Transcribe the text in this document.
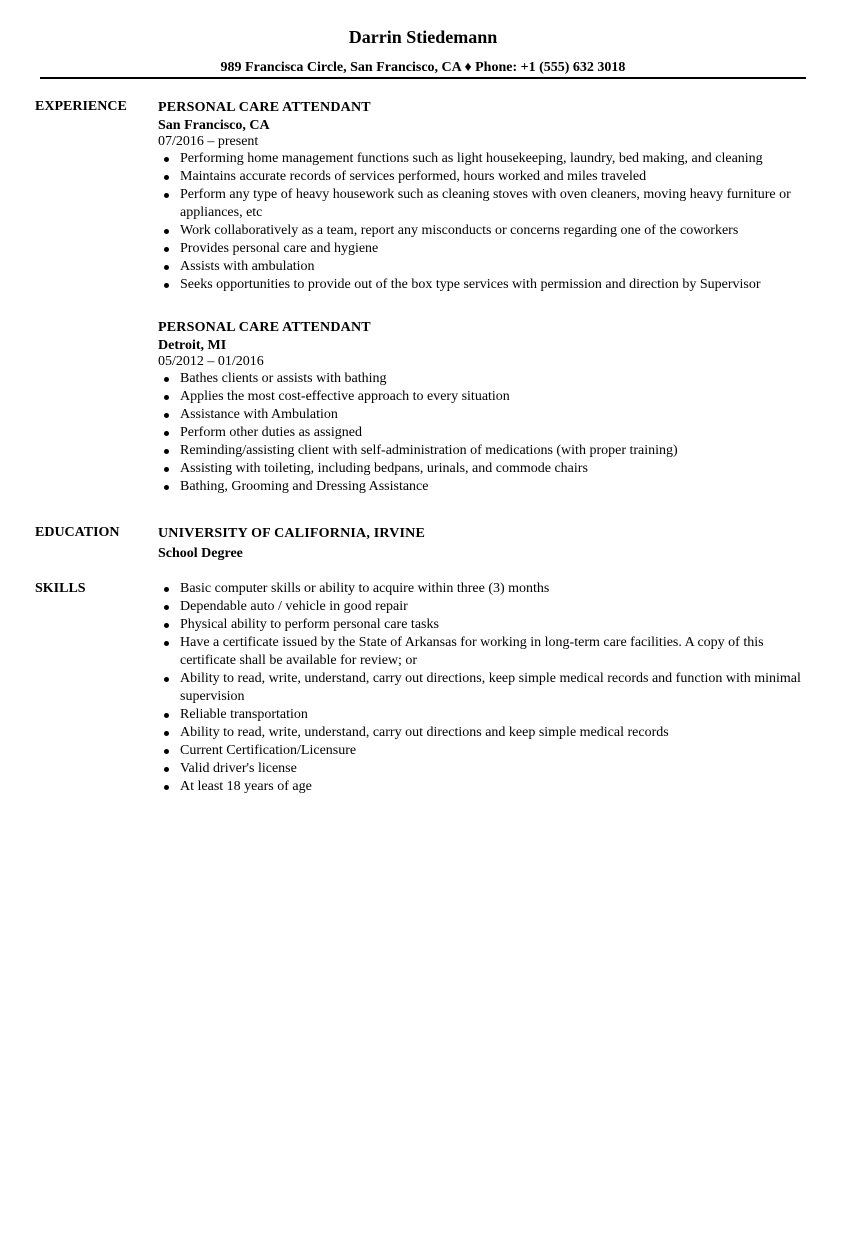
Darrin Stiedemann
989 Francisca Circle, San Francisco, CA ♦ Phone: +1 (555) 632 3018
EXPERIENCE PERSONAL CARE ATTENDANT
San Francisco, CA
07/2016 – present
Performing home management functions such as light housekeeping, laundry, bed making, and cleaning
Maintains accurate records of services performed, hours worked and miles traveled
Perform any type of heavy housework such as cleaning stoves with oven cleaners, moving heavy furniture or appliances, etc
Work collaboratively as a team, report any misconducts or concerns regarding one of the coworkers
Provides personal care and hygiene
Assists with ambulation
Seeks opportunities to provide out of the box type services with permission and direction by Supervisor
PERSONAL CARE ATTENDANT
Detroit, MI
05/2012 – 01/2016
Bathes clients or assists with bathing
Applies the most cost-effective approach to every situation
Assistance with Ambulation
Perform other duties as assigned
Reminding/assisting client with self-administration of medications (with proper training)
Assisting with toileting, including bedpans, urinals, and commode chairs
Bathing, Grooming and Dressing Assistance
EDUCATION	UNIVERSITY OF CALIFORNIA, IRVINE
School Degree
SKILLS	Basic computer skills or ability to acquire within three (3) months
Dependable auto / vehicle in good repair
Physical ability to perform personal care tasks
Have a certificate issued by the State of Arkansas for working in long-term care facilities. A copy of this certificate shall be available for review; or
Ability to read, write, understand, carry out directions, keep simple medical records and function with minimal supervision
Reliable transportation
Ability to read, write, understand, carry out directions and keep simple medical records
Current Certification/Licensure
Valid driver's license
At least 18 years of age
